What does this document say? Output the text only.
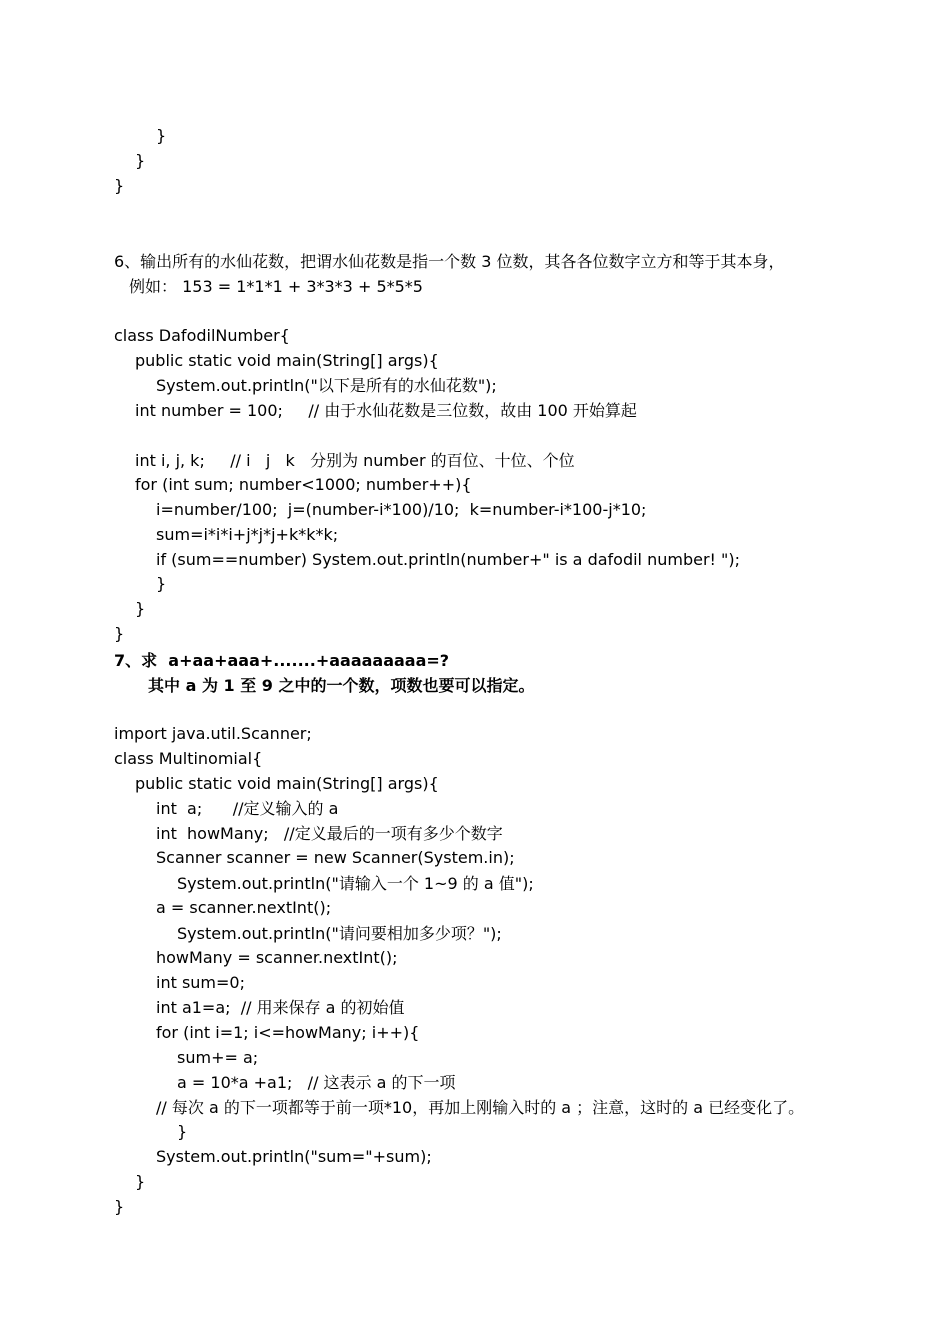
}
}
}
6、输出所有的水仙花数，把谓水仙花数是指一个数 3 位数，其各各位数字立方和等于其本身，
例如： 153 = 1*1*1 + 3*3*3 + 5*5*5
class DafodilNumber{
public static void main(String[] args){
System.out.println("以下是所有的水仙花数");
int number = 100;     // 由于水仙花数是三位数，故由 100 开始算起
int i, j, k;     // i   j   k   分别为 number 的百位、十位、个位
for (int sum; number<1000; number++){
i=number/100;  j=(number-i*100)/10;  k=number-i*100-j*10;
sum=i*i*i+j*j*j+k*k*k;
if (sum==number) System.out.println(number+" is a dafodil number! ");
}
}
}
7、求  a+aa+aaa+.......+aaaaaaaaa=?
其中 a 为 1 至 9 之中的一个数，项数也要可以指定。
import java.util.Scanner;
class Multinomial{
public static void main(String[] args){
int  a;      //定义输入的 a
int  howMany;   //定义最后的一项有多少个数字
Scanner scanner = new Scanner(System.in);
System.out.println("请输入一个 1~9 的 a 值");
a = scanner.nextInt();
System.out.println("请问要相加多少项？");
howMany = scanner.nextInt();
int sum=0;
int a1=a;  // 用来保存 a 的初始值
for (int i=1; i<=howMany; i++){
sum+= a;
a = 10*a +a1;   // 这表示 a 的下一项
// 每次 a 的下一项都等于前一项*10，再加上刚输入时的 a ；注意，这时的 a 已经变化了。
}
System.out.println("sum="+sum);
}
}
